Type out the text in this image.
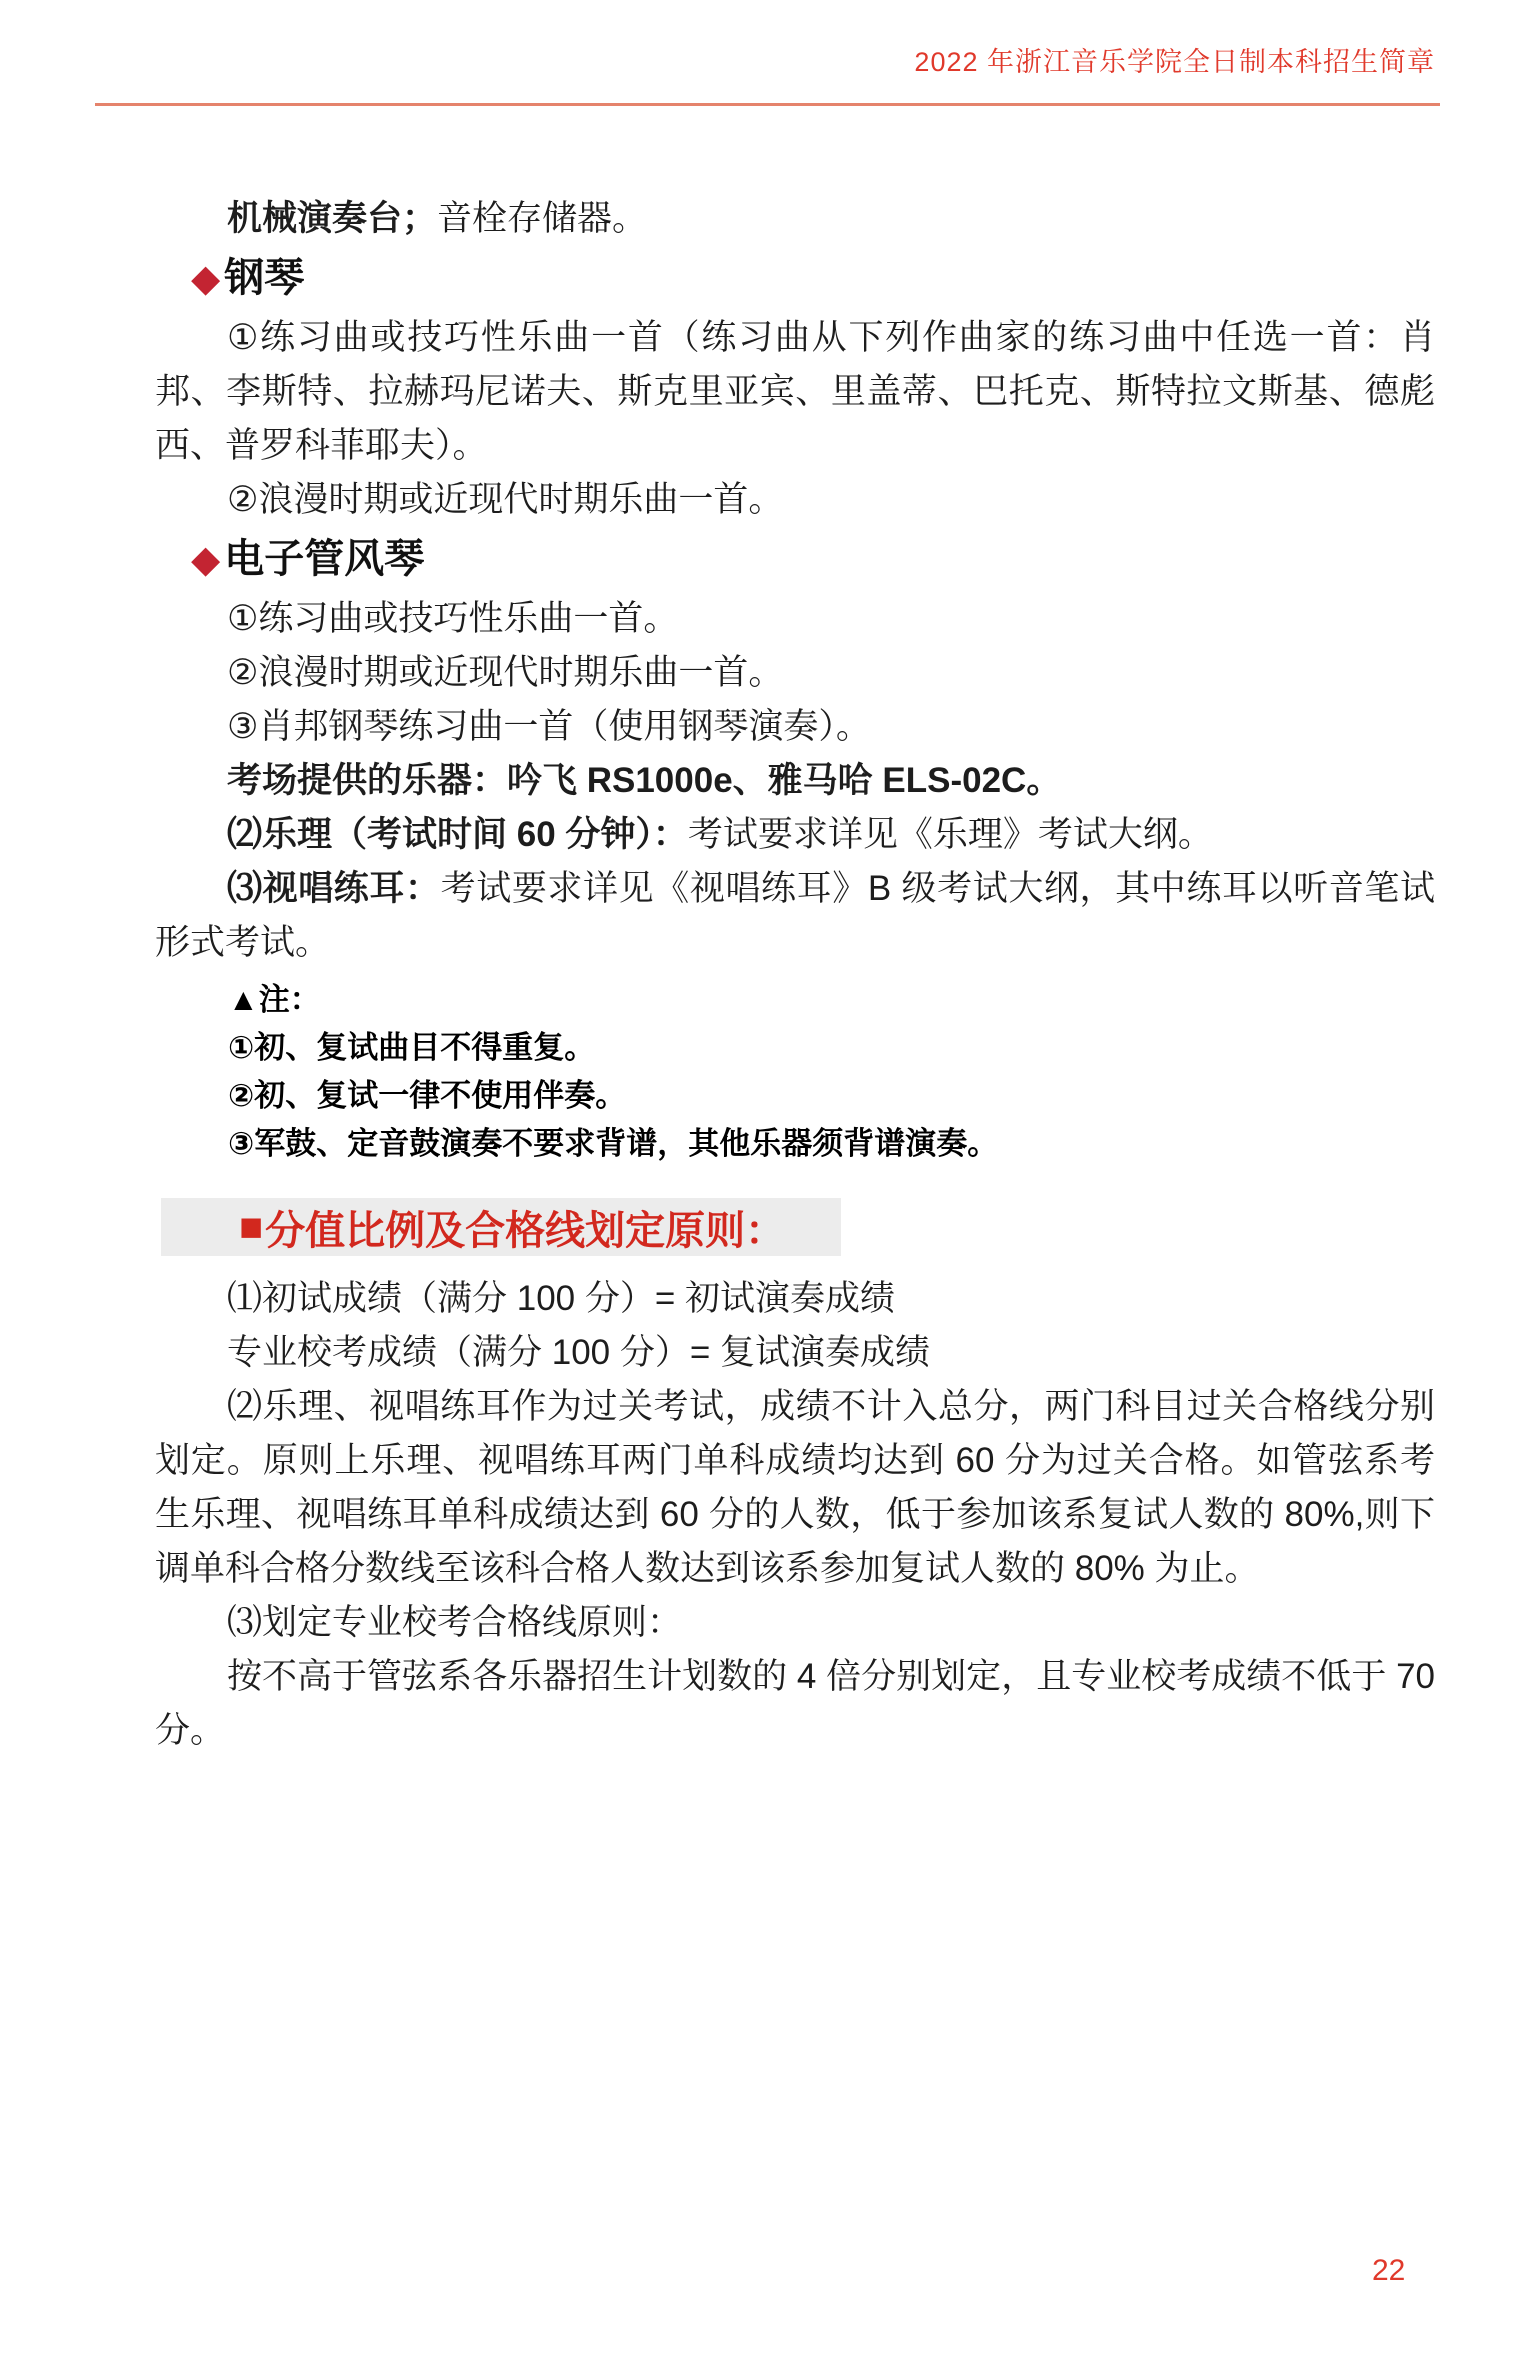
2022 年浙江音乐学院全日制本科招生简章

机械演奏台；音栓存储器。

◆ 钢琴

①练习曲或技巧性乐曲一首（练习曲从下列作曲家的练习曲中任选一首：肖邦、李斯特、拉赫玛尼诺夫、斯克里亚宾、里盖蒂、巴托克、斯特拉文斯基、德彪西、普罗科菲耶夫）。

②浪漫时期或近现代时期乐曲一首。

◆ 电子管风琴

①练习曲或技巧性乐曲一首。

②浪漫时期或近现代时期乐曲一首。

③肖邦钢琴练习曲一首（使用钢琴演奏）。

考场提供的乐器：吟飞 RS1000e、雅马哈 ELS-02C。

⑵乐理（考试时间 60 分钟）：考试要求详见《乐理》考试大纲。

⑶视唱练耳：考试要求详见《视唱练耳》B 级考试大纲，其中练耳以听音笔试形式考试。

▲注：

①初、复试曲目不得重复。

②初、复试一律不使用伴奏。

③军鼓、定音鼓演奏不要求背谱，其他乐器须背谱演奏。

■ 分值比例及合格线划定原则：

⑴初试成绩（满分 100 分）= 初试演奏成绩

专业校考成绩（满分 100 分）= 复试演奏成绩

⑵乐理、视唱练耳作为过关考试，成绩不计入总分，两门科目过关合格线分别划定。原则上乐理、视唱练耳两门单科成绩均达到 60 分为过关合格。如管弦系考生乐理、视唱练耳单科成绩达到 60 分的人数，低于参加该系复试人数的 80%,则下调单科合格分数线至该科合格人数达到该系参加复试人数的 80% 为止。

⑶划定专业校考合格线原则：

按不高于管弦系各乐器招生计划数的 4 倍分别划定，且专业校考成绩不低于 70 分。

22
